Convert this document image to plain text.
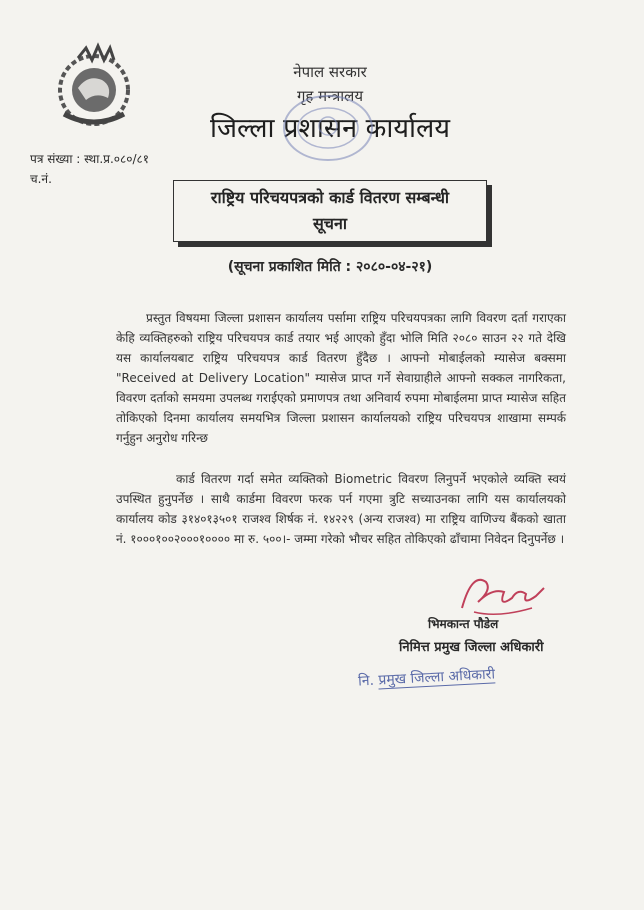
नेपाल सरकार
गृह मन्त्रालय
जिल्ला प्रशासन कार्यालय
पत्र संख्या : स्था.प्र.०८०/८१
च.नं.
राष्ट्रिय परिचयपत्रको कार्ड वितरण सम्बन्धी
सूचना
(सूचना प्रकाशित मिति : २०८०-०४-२१)

प्रस्तुत विषयमा जिल्ला प्रशासन कार्यालय पर्सामा राष्ट्रिय परिचयपत्रका लागि विवरण दर्ता गराएका केहि व्यक्तिहरुको राष्ट्रिय परिचयपत्र कार्ड तयार भई आएको हुँदा भोलि मिति २०८० साउन २२ गते देखि यस कार्यालयबाट राष्ट्रिय परिचयपत्र कार्ड वितरण हुँदैछ । आफ्नो मोबाईलको म्यासेज बक्समा "Received at Delivery Location" म्यासेज प्राप्त गर्ने सेवाग्राहीले आफ्नो सक्कल नागरिकता, विवरण दर्ताको समयमा उपलब्ध गराईएको प्रमाणपत्र तथा अनिवार्य रुपमा मोबाईलमा प्राप्त म्यासेज सहित तोकिएको दिनमा कार्यालय समयभित्र जिल्ला प्रशासन कार्यालयको राष्ट्रिय परिचयपत्र शाखामा सम्पर्क गर्नुहुन अनुरोध गरिन्छ

कार्ड वितरण गर्दा समेत व्यक्तिको Biometric विवरण लिनुपर्ने भएकोले व्यक्ति स्वयं उपस्थित हुनुपर्नेछ । साथै कार्डमा विवरण फरक पर्न गएमा त्रुटि सच्याउनका लागि यस कार्यालयको कार्यालय कोड ३१४०१३५०१ राजश्व शिर्षक नं. १४२२९ (अन्य राजश्व) मा राष्ट्रिय वाणिज्य बैंकको खाता नं. १०००१००२०००१०००० मा रु. ५००।- जम्मा गरेको भौचर सहित तोकिएको ढाँचामा निवेदन दिनुपर्नेछ ।

भिमकान्त पौडेल
निमित्त प्रमुख जिल्ला अधिकारी
नि. प्रमुख जिल्ला अधिकारी
